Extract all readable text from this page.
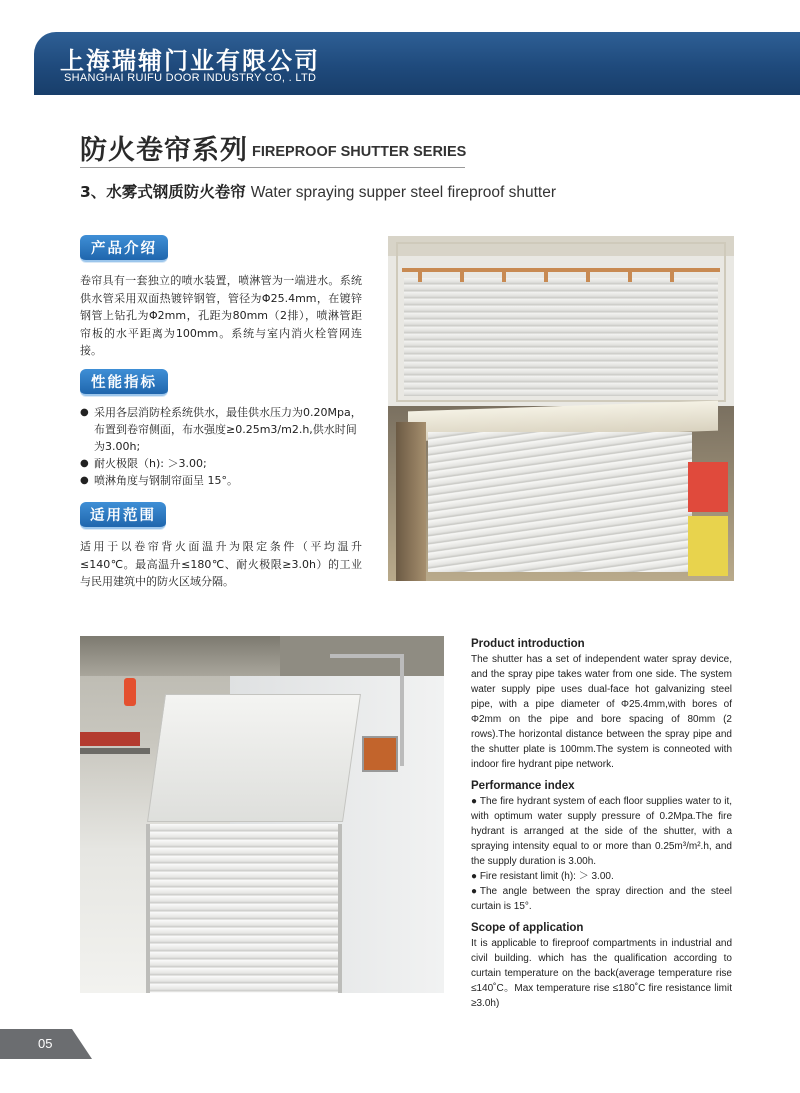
上海瑞辅门业有限公司
SHANGHAI RUIFU DOOR INDUSTRY CO, . LTD
防火卷帘系列 FIREPROOF SHUTTER SERIES
3、水雾式钢质防火卷帘 Water spraying supper steel fireproof shutter
产品介绍
卷帘具有一套独立的喷水装置，喷淋管为一端进水。系统供水管采用双面热镀锌钢管，管径为Φ25.4mm，在镀锌钢管上钻孔为Φ2mm，孔距为80mm（2排），喷淋管距帘板的水平距离为100mm。系统与室内消火栓管网连接。
性能指标
● 采用各层消防栓系统供水，最佳供水压力为0.20Mpa，布置到卷帘侧面，布水强度≥0.25m3/m2.h,供水时间为3.00h;
● 耐火极限（h): ＞3.00;
● 喷淋角度与钢制帘面呈 15°。
适用范围
适用于以卷帘背火面温升为限定条件（平均温升≤140℃。最高温升≤180℃、耐火极限≥3.0h）的工业与民用建筑中的防火区域分隔。
Product introduction

The shutter has a set of independent water spray device, and the spray pipe takes water from one side. The system water supply pipe uses dual-face hot galvanizing steel pipe, with a pipe diameter of Φ25.4mm,with bores of Φ2mm on the pipe and bore spacing of 80mm (2 rows).The horizontal distance between the spray pipe and the shutter plate is 100mm.The system is conneoted with indoor fire hydrant pipe network.

Performance index
● The fire hydrant system of each floor supplies water to it, with optimum water supply pressure of 0.2Mpa.The fire hydrant is arranged at the side of the shutter, with a spraying intensity equal to or more than 0.25m³/m².h, and the supply duration is 3.00h.
● Fire resistant limit (h): ＞ 3.00.
●The angle between the spray direction and the steel curtain is 15°.
Scope of application

It is applicable to fireproof compartments in industrial and civil building. which has the qualification according to curtain temperature on the back(average temperature rise ≤140˚C。Max temperature rise ≤180˚C fire resistance limit ≥3.0h)

05
